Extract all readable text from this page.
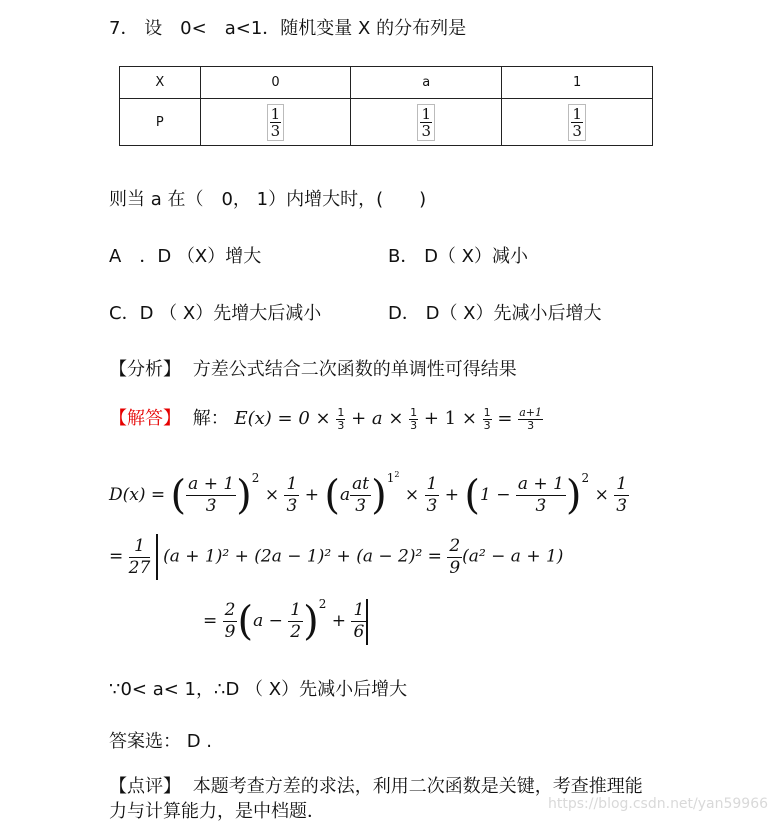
7． 设　0<　a<1．随机变量 X 的分布列是
X	0	a	1
P	$\frac{1}{3}$	$\frac{1}{3}$	$\frac{1}{3}$
则当 a 在（　0， 1）内增大时，(　　)
A　．D （X）增大	B． D（ X）减小
C．D （ X）先增大后减小	D． D（ X）先减小后增大
【分析】 方差公式结合二次函数的单调性可得结果
【解答】 解： $E(x) = 0 \times \frac{1}{3} + a \times \frac{1}{3} + 1 \times \frac{1}{3} = \frac{a+1}{3}$
D(x) = ( $\frac{a + 1}{3} )^2 \times \frac{1}{3} + (a \frac{at}{3} )^{1^2} \times \frac{1}{3} + (1 - \frac{a + 1}{3} )^2 \times \frac{1}{3}$
= $\frac{1}{27} (a + 1)^2 + (2a - 1)^2 + (a - 2)^2 = \frac{2}{9} (a^2 - a + 1)$
= $\frac{2}{9} (a - \frac{1}{2} )^2 + \frac{1}{6}$
∵0< a< 1，∴D （ X）先减小后增大
答案选： D .
【点评】 本题考查方差的求法，利用二次函数是关键，考查推理能
力与计算能力，是中档题．	https://blog.csdn.net/yan59966
